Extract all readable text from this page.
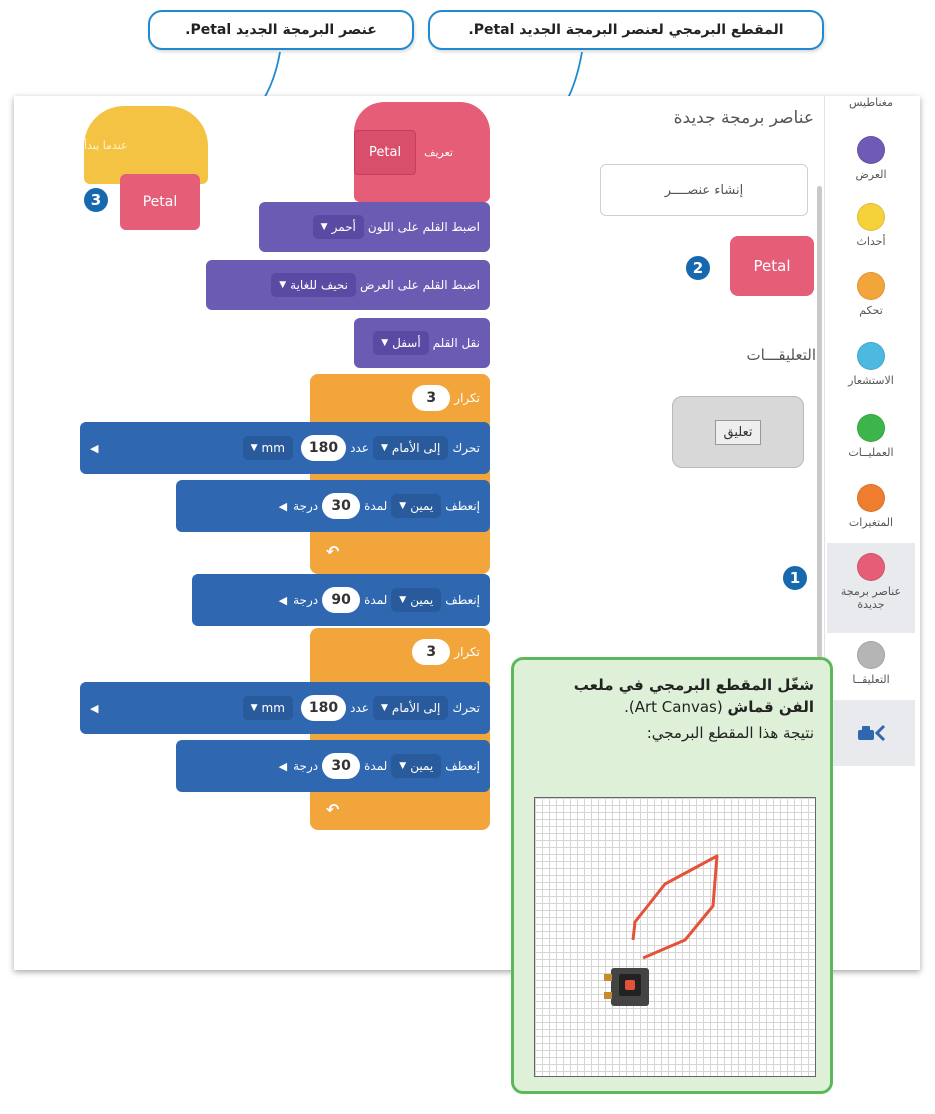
المقطع البرمجي لعنصر البرمجة الجديد Petal.
عنصر البرمجة الجديد Petal.
مغناطيس
العرض
أحداث
تحكم
الاستشعار
العمليــات
المتغيرات
عناصر برمجة جديدة
التعليقــا
عناصر برمجة جديدة
إنشاء عنصــــر
Petal
التعليقـــات
تعليق
عندما يبدأ
Petal
تعريف
Petal
اضبط القلم على اللون
أحمر
▼
اضبط القلم على العرض
نحيف للغاية
▼
نقل القلم
أسفل
▼
تكرار
3
تحرك
إلى الأمام
▼
عدد
180
▼ mm
◀
إنعطف
يمين
▼
لمدة
30
درجة
◀
↶
إنعطف
يمين
▼
لمدة
90
درجة
◀
تكرار
3
تحرك
إلى الأمام
▼
عدد
180
▼ mm
◀
إنعطف
يمين
▼
لمدة
30
درجة
◀
↶
1
2
3

شغّل المقطع البرمجي في ملعب

الفن قماش (Art Canvas).

نتيجة هذا المقطع البرمجي:
